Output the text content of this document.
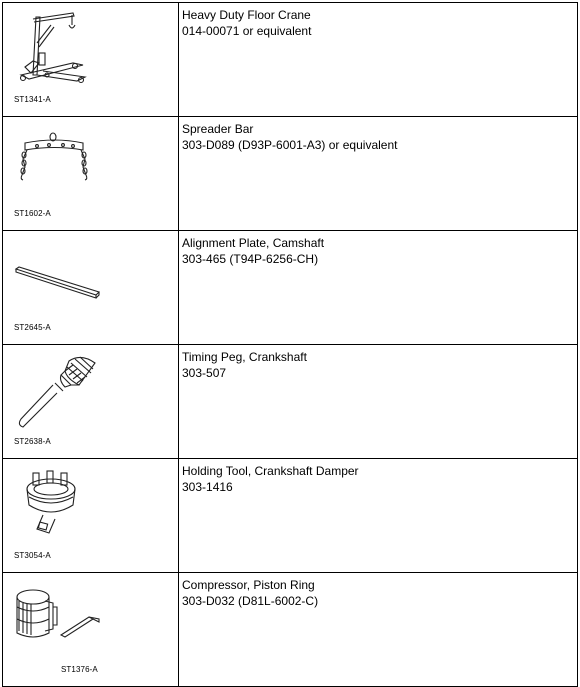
ST1341-A	Heavy Duty Floor Crane
014-00071 or equivalent

ST1602-A	Spreader Bar
303-D089 (D93P-6001-A3) or equivalent

ST2645-A	Alignment Plate, Camshaft
303-465 (T94P-6256-CH)

ST2638-A	Timing Peg, Crankshaft
303-507

ST3054-A	Holding Tool, Crankshaft Damper
303-1416

ST1376-A	Compressor, Piston Ring
303-D032 (D81L-6002-C)
